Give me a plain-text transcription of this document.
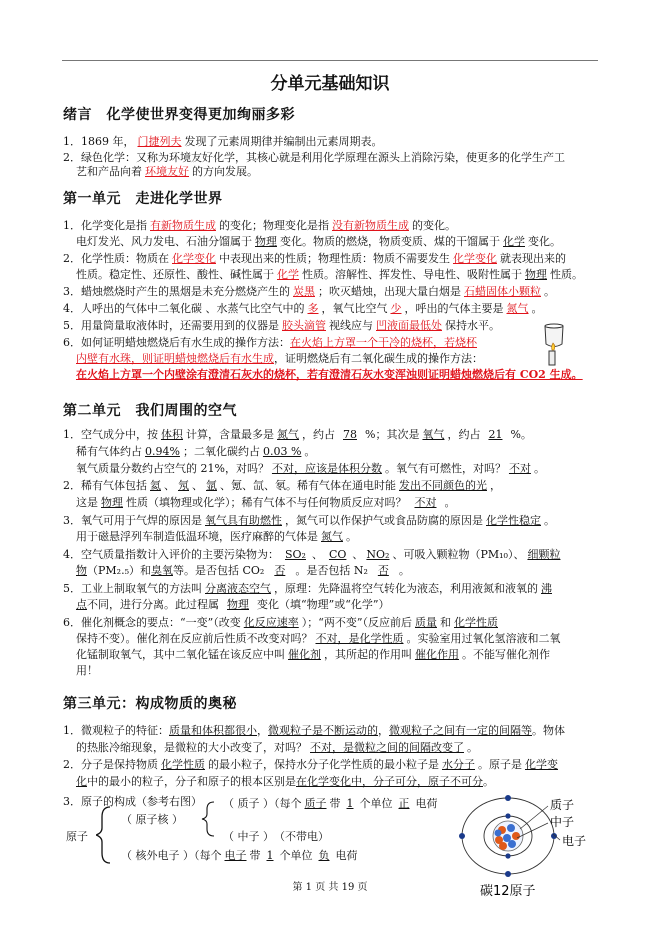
分单元基础知识
绪言　化学使世界变得更加绚丽多彩
1．1869 年， 门捷列夫 发现了元素周期律并编制出元素周期表。
2．绿色化学：又称为环境友好化学，其核心就是利用化学原理在源头上消除污染，使更多的化学生产工
艺和产品向着 环境友好 的方向发展。
第一单元　走进化学世界
1．化学变化是指 有新物质生成 的变化；物理变化是指 没有新物质生成 的变化。
电灯发光、风力发电、石油分馏属于 物理 变化。物质的燃烧，物质变质、煤的干馏属于 化学 变化。
2．化学性质：物质在 化学变化 中表现出来的性质；物理性质：物质不需要发生 化学变化 就表现出来的
性质。稳定性、还原性、酸性、碱性属于 化学 性质。溶解性、挥发性、导电性、吸附性属于 物理 性质。
3．蜡烛燃烧时产生的黑烟是未充分燃烧产生的 炭黑 ；吹灭蜡烛，出现大量白烟是 石蜡固体小颗粒 。
4．人呼出的气体中二氧化碳 、水蒸气比空气中的 多 ，氧气比空气 少 ，呼出的气体主要是 氮气 。
5．用量筒量取液体时，还需要用到的仪器是 胶头滴管 视线应与 凹液面最低处 保持水平。
6．如何证明蜡烛燃烧后有水生成的操作方法：在火焰上方罩一个干冷的烧杯，若烧杯
内壁有水珠，则证明蜡烛燃烧后有水生成，证明燃烧后有二氧化碳生成的操作方法：
在火焰上方罩一个内壁涂有澄清石灰水的烧杯，若有澄清石灰水变浑浊则证明蜡烛燃烧后有 CO2 生成。
第二单元　我们周围的空气
1．空气成分中，按 体积 计算，含量最多是 氮气 ，约占 78 %；其次是 氧气 ，约占 21 %。
稀有气体约占 0.94% ；二氧化碳约占 0.03 % 。
氧气质量分数约占空气的 21%，对吗？ 不对，应该是体积分数 。氧气有可燃性，对吗？ 不对 。
2．稀有气体包括 氦 、 氖 、 氩 、氪、氙、氡。稀有气体在通电时能 发出不同颜色的光 ，
这是 物理 性质（填物理或化学）；稀有气体不与任何物质反应对吗？ 不对 。
3．氧气可用于气焊的原因是 氧气具有助燃性 ，氮气可以作保护气或食品防腐的原因是 化学性稳定 。
用于磁悬浮列车制造低温环境，医疗麻醉的气体是 氮气 。
4．空气质量指数计入评价的主要污染物为： SO₂ 、 CO 、 NO₂ 、可吸入颗粒物（PM₁₀）、 细颗粒
物（PM₂.₅）和臭氧等。是否包括 CO₂ 否 。是否包括 N₂ 否 。
5．工业上制取氧气的方法叫 分离液态空气 ，原理：先降温将空气转化为液态，利用液氮和液氧的 沸
点不同，进行分离。此过程属 物理 变化（填“物理”或“化学”）
6．催化剂概念的要点：“一变”（改变 化反应速率 ）；“两不变”（反应前后 质量 和 化学性质
保持不变）。催化剂在反应前后性质不改变对吗？ 不对，是化学性质 。实验室用过氧化氢溶液和二氧
化锰制取氧气，其中二氧化锰在该反应中叫 催化剂 ，其所起的作用叫 催化作用 。不能写催化剂作
用！
第三单元：构成物质的奥秘
1．微观粒子的特征：质量和体积都很小，微观粒子是不断运动的，微观粒子之间有一定的间隔等。物体
的热胀冷缩现象，是微粒的大小改变了，对吗？ 不对，是微粒之间的间隔改变了 。
2．分子是保持物质 化学性质 的最小粒子，保持水分子化学性质的最小粒子是 水分子 。原子是 化学变
化中的最小的粒子，分子和原子的根本区别是在化学变化中，分子可分，原子不可分。
3．原子的构成（参考右图） （ 质子 ）（每个 质子 带 1 个单位 正 电荷
（ 原子核 ）
（ 中子 ）　（不带电）
原子
（ 核外电子 ）（每个 电子 带 1 个单位 负 电荷
质子
中子
电子
碳12原子
第 1 页 共 19 页
